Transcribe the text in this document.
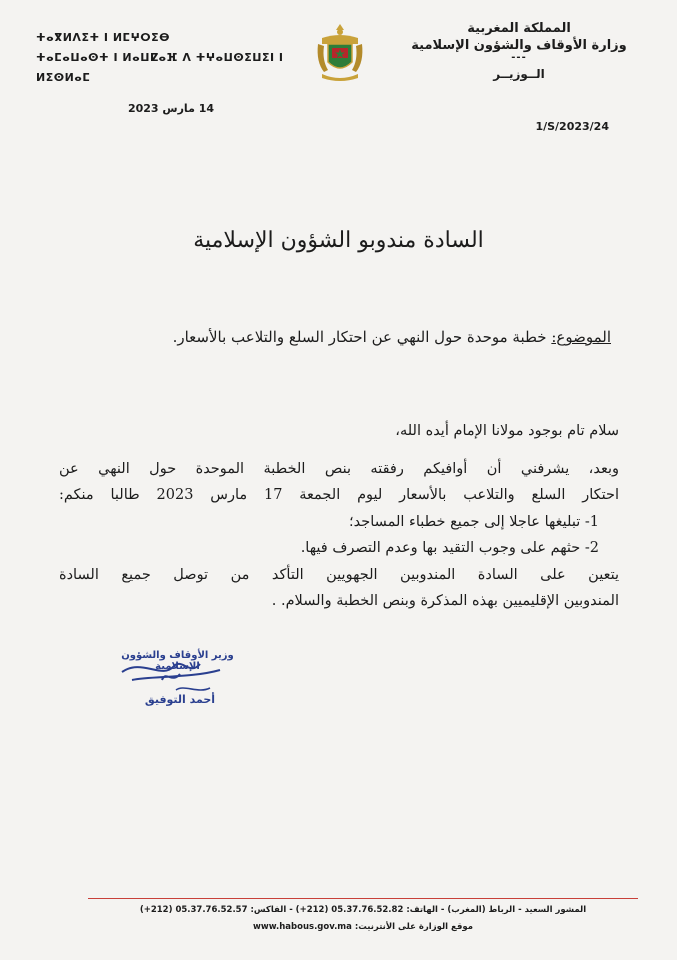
المملكة المغربية
وزارة الأوقاف والشؤون الإسلامية
---
الــوزيــر
ⵜⴰⴳⵍⴷⵉⵜ ⵏ ⵍⵎⵖⵔⵉⴱ
ⵜⴰⵎⴰⵡⴰⵙⵜ ⵏ ⵍⴰⵡⵇⴰⴼ ⴷ ⵜⵖⴰⵡⵙⵉⵡⵉⵏ ⵏ ⵍⵉⵙⵍⴰⵎ
14 مارس 2023
1/S/2023/24
السادة مندوبو الشؤون الإسلامية
الموضوع: خطبة موحدة حول النهي عن احتكار السلع والتلاعب بالأسعار.

سلام تام بوجود مولانا الإمام أيده الله،

وبعد، يشرفني أن أوافيكم رفقته بنص الخطبة الموحدة حول النهي عن

احتكار السلع والتلاعب بالأسعار ليوم الجمعة 17 مارس 2023 طالبا منكم:

1- تبليغها عاجلا إلى جميع خطباء المساجد؛

2- حثهم على وجوب التقيد بها وعدم التصرف فيها.

يتعين على السادة المندوبين الجهويين التأكد من توصل جميع السادة

المندوبين الإقليميين بهذه المذكرة وبنص الخطبة والسلام. .

وزير الأوقاف والشؤون الإسلامية
أحمد التوفيق
المشور السعيد - الرباط (المغرب) - الهاتف: 05.37.76.52.82 (212+) - الفاكس: 05.37.76.52.57 (212+)
موقع الوزارة على الأنترنيت: www.habous.gov.ma
